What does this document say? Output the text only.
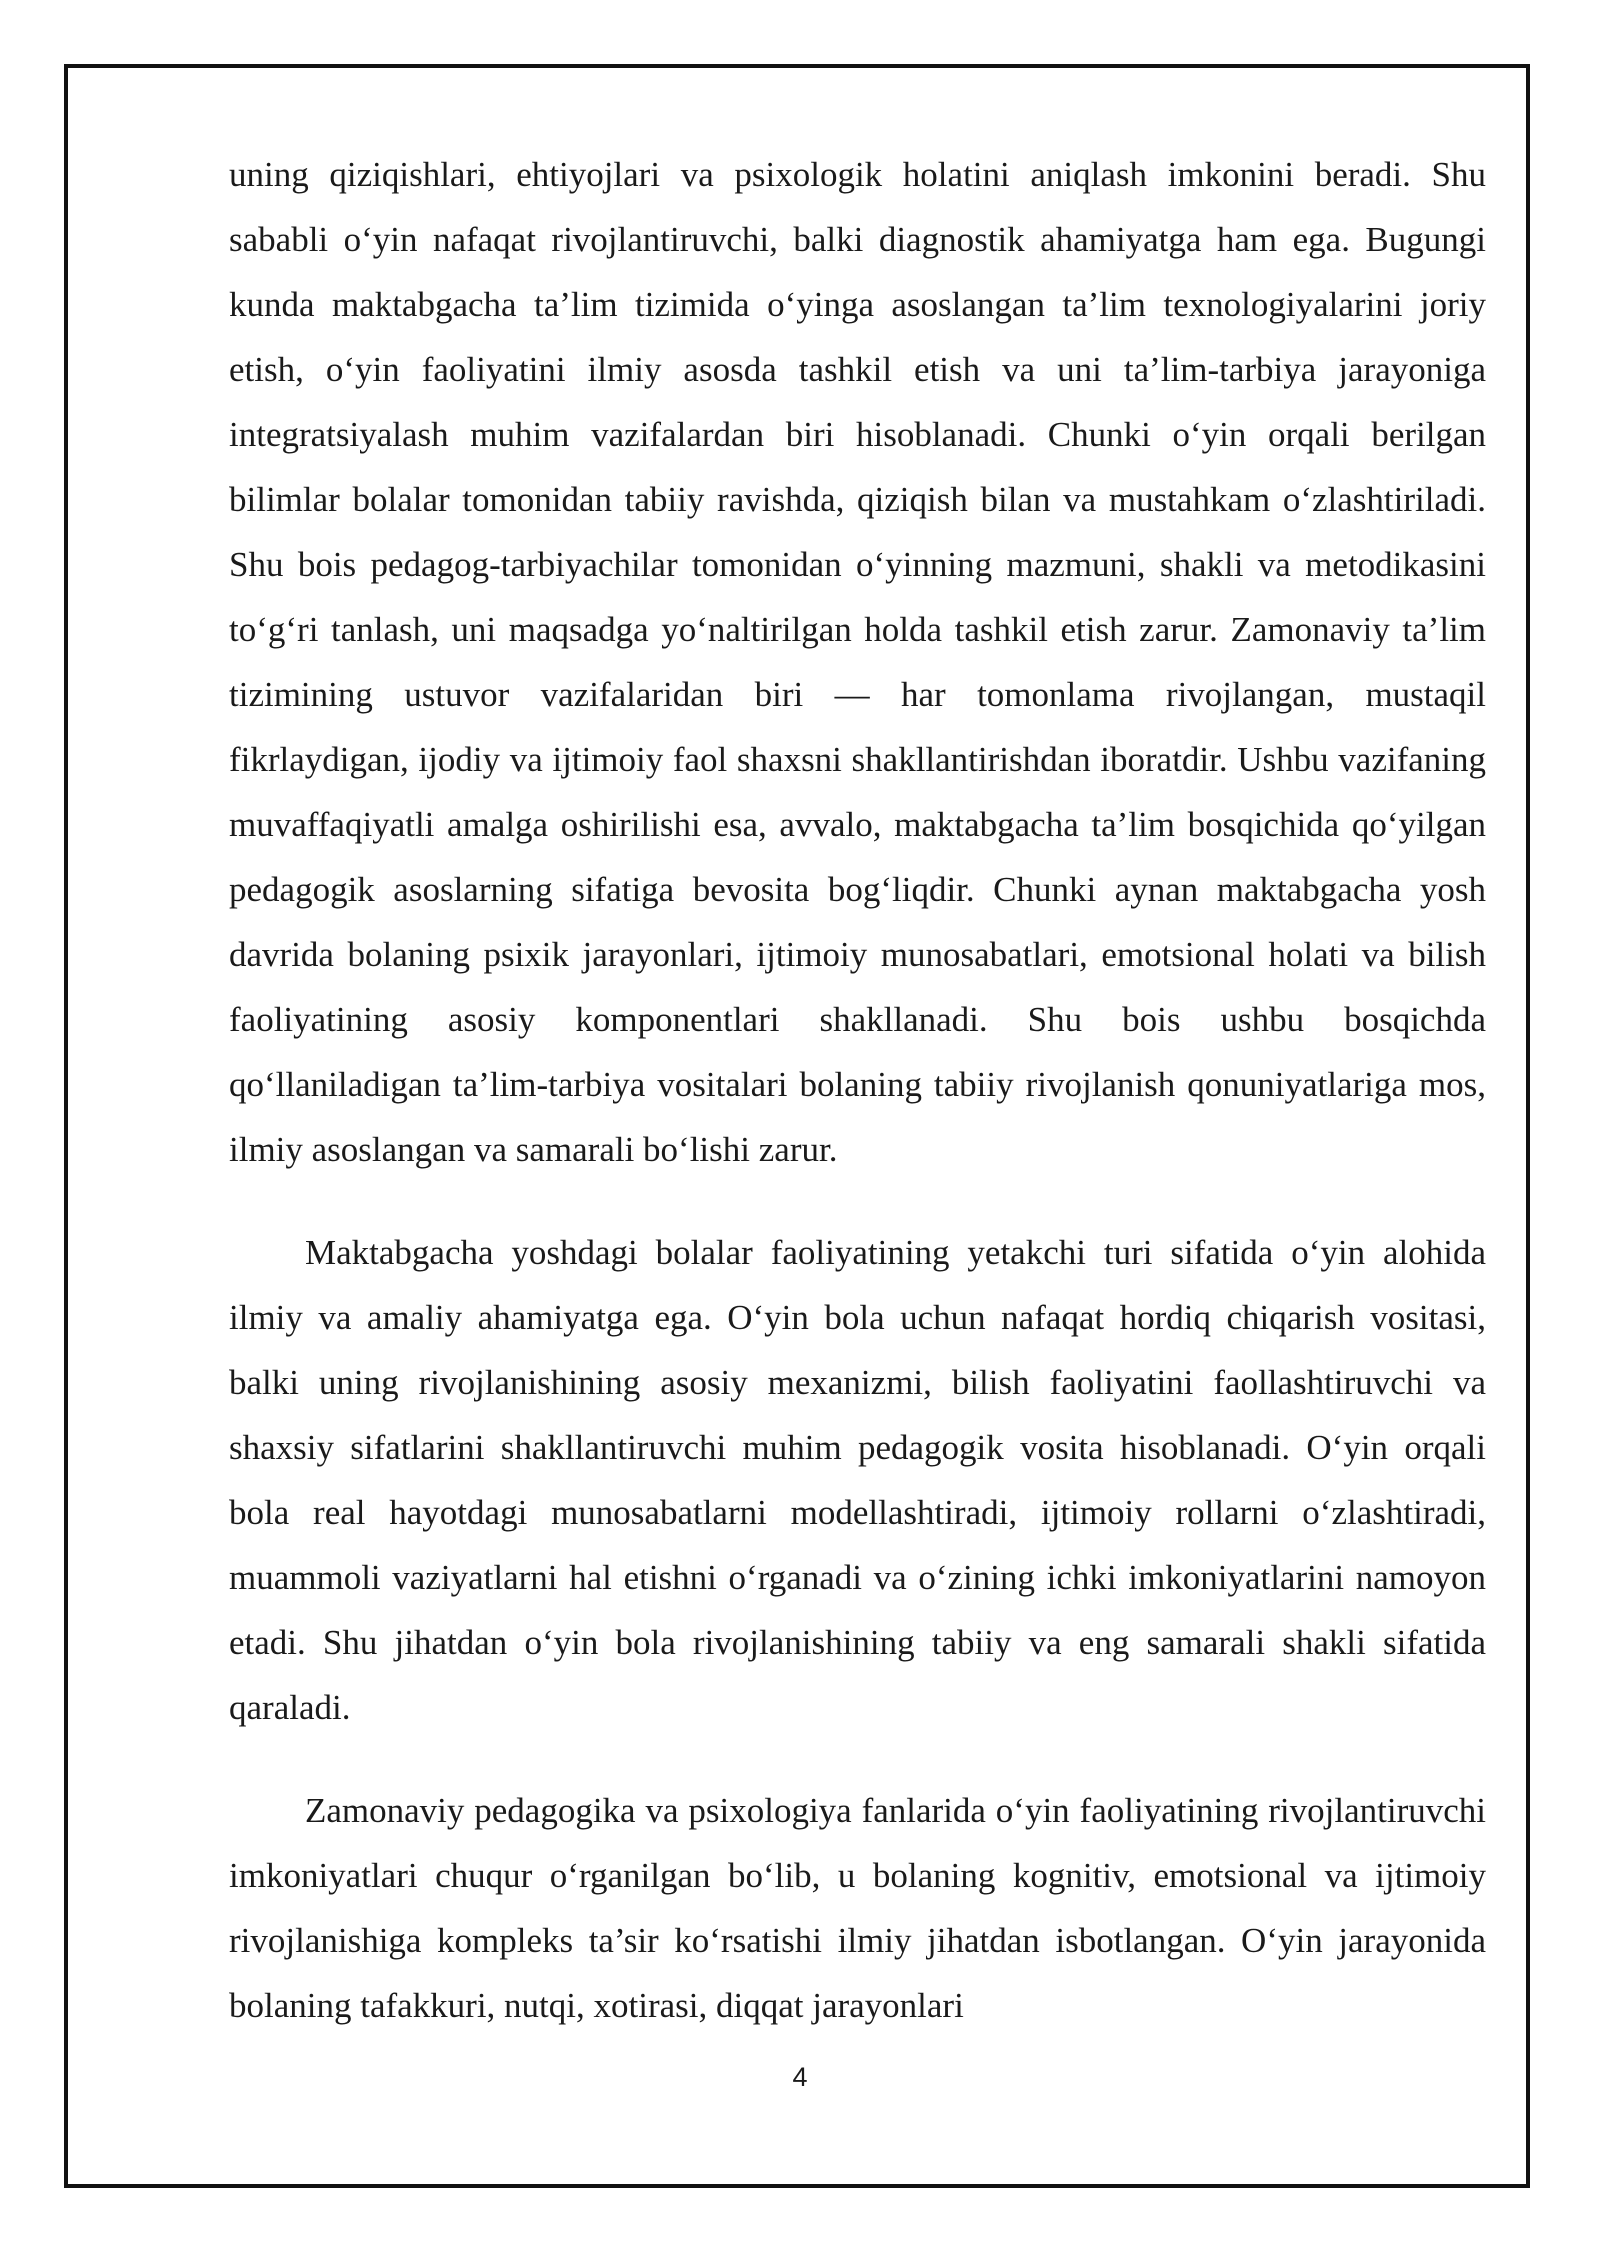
uning qiziqishlari, ehtiyojlari va psixologik holatini aniqlash imkonini beradi. Shu sababli o‘yin nafaqat rivojlantiruvchi, balki diagnostik ahamiyatga ham ega. Bugungi kunda maktabgacha ta’lim tizimida o‘yinga asoslangan ta’lim texnologiyalarini joriy etish, o‘yin faoliyatini ilmiy asosda tashkil etish va uni ta’lim-tarbiya jarayoniga integratsiyalash muhim vazifalardan biri hisoblanadi. Chunki o‘yin orqali berilgan bilimlar bolalar tomonidan tabiiy ravishda, qiziqish bilan va mustahkam o‘zlashtiriladi. Shu bois pedagog-tarbiyachilar tomonidan o‘yinning mazmuni, shakli va metodikasini to‘g‘ri tanlash, uni maqsadga yo‘naltirilgan holda tashkil etish zarur. Zamonaviy ta’lim tizimining ustuvor vazifalaridan biri — har tomonlama rivojlangan, mustaqil fikrlaydigan, ijodiy va ijtimoiy faol shaxsni shakllantirishdan iboratdir. Ushbu vazifaning muvaffaqiyatli amalga oshirilishi esa, avvalo, maktabgacha ta’lim bosqichida qo‘yilgan pedagogik asoslarning sifatiga bevosita bog‘liqdir. Chunki aynan maktabgacha yosh davrida bolaning psixik jarayonlari, ijtimoiy munosabatlari, emotsional holati va bilish faoliyatining asosiy komponentlari shakllanadi. Shu bois ushbu bosqichda qo‘llaniladigan ta’lim-tarbiya vositalari bolaning tabiiy rivojlanish qonuniyatlariga mos, ilmiy asoslangan va samarali bo‘lishi zarur.

Maktabgacha yoshdagi bolalar faoliyatining yetakchi turi sifatida o‘yin alohida ilmiy va amaliy ahamiyatga ega. O‘yin bola uchun nafaqat hordiq chiqarish vositasi, balki uning rivojlanishining asosiy mexanizmi, bilish faoliyatini faollashtiruvchi va shaxsiy sifatlarini shakllantiruvchi muhim pedagogik vosita hisoblanadi. O‘yin orqali bola real hayotdagi munosabatlarni modellashtiradi, ijtimoiy rollarni o‘zlashtiradi, muammoli vaziyatlarni hal etishni o‘rganadi va o‘zining ichki imkoniyatlarini namoyon etadi. Shu jihatdan o‘yin bola rivojlanishining tabiiy va eng samarali shakli sifatida qaraladi.

Zamonaviy pedagogika va psixologiya fanlarida o‘yin faoliyatining rivojlantiruvchi imkoniyatlari chuqur o‘rganilgan bo‘lib, u bolaning kognitiv, emotsional va ijtimoiy rivojlanishiga kompleks ta’sir ko‘rsatishi ilmiy jihatdan isbotlangan. O‘yin jarayonida bolaning tafakkuri, nutqi, xotirasi, diqqat jarayonlari

4
